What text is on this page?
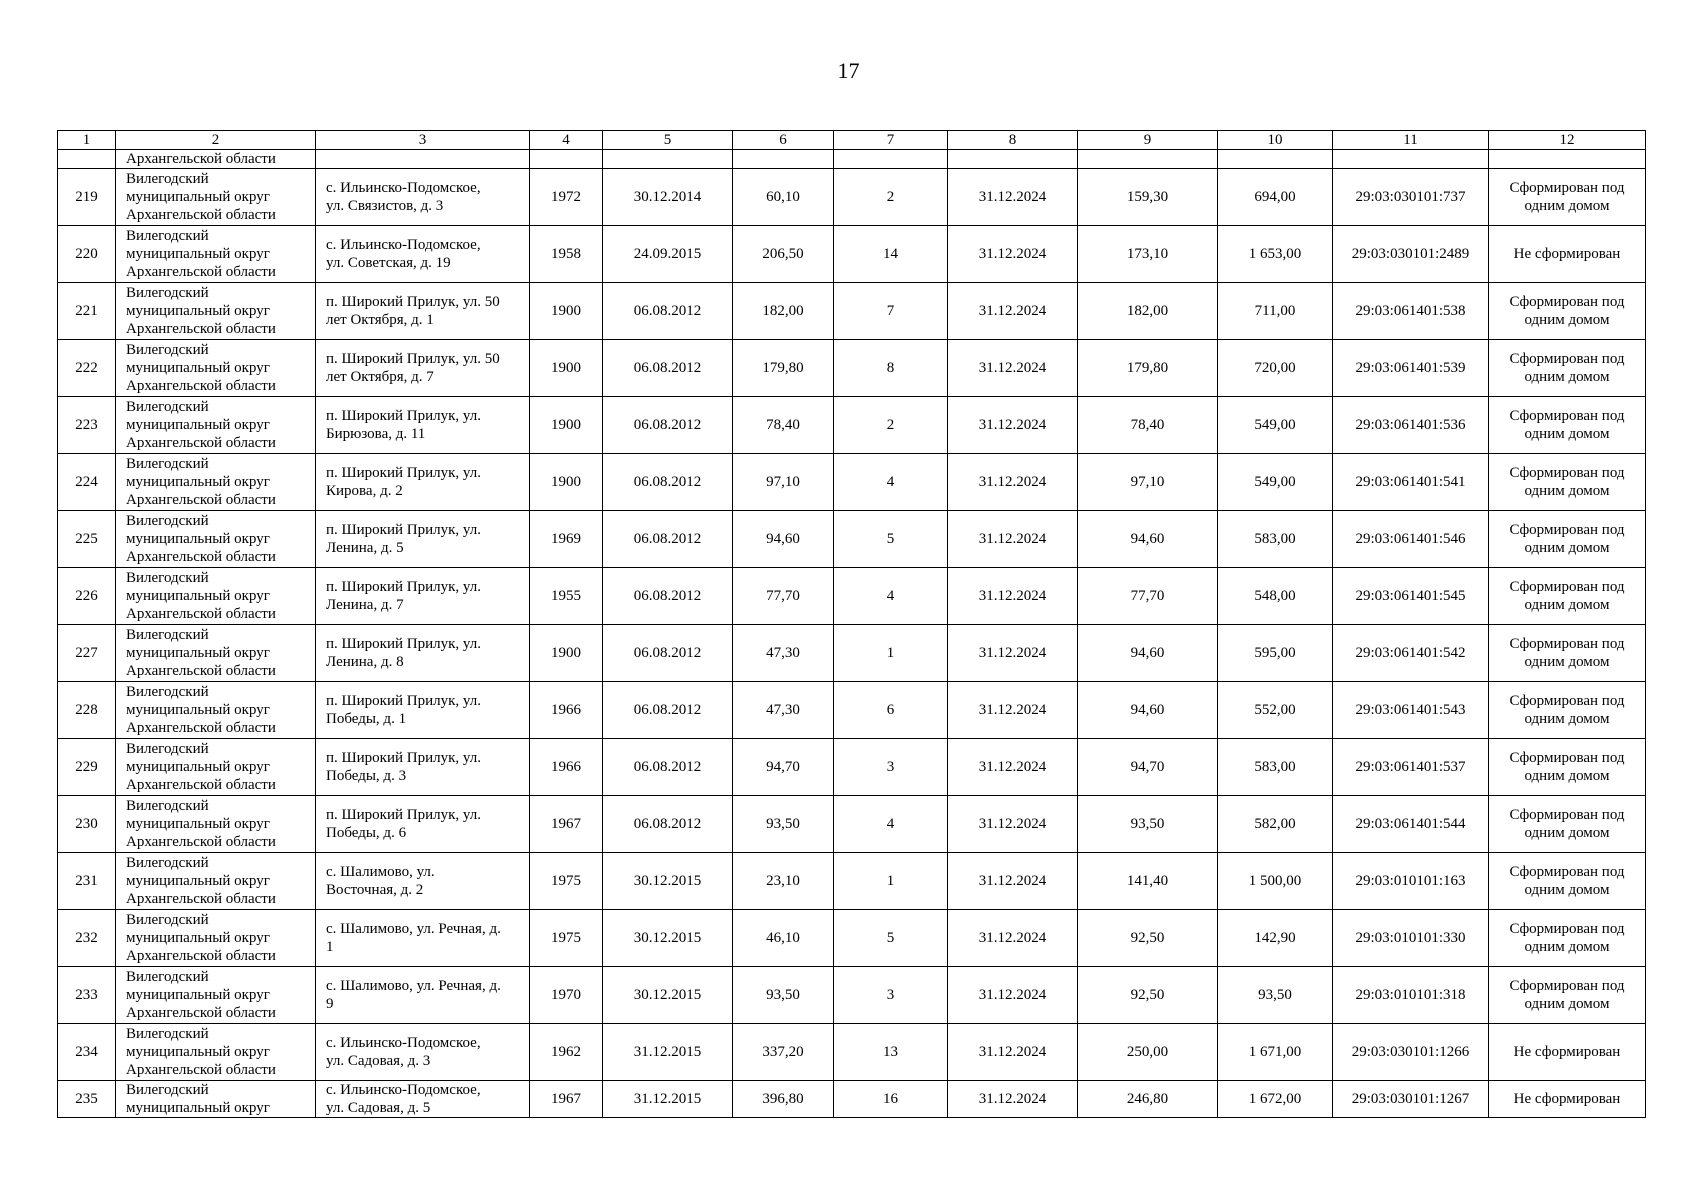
17
1	2	3	4	5	6	7	8	9	10	11	12
	Архангельской области										
219	Вилегодский
муниципальный округ
Архангельской области	с. Ильинско-Подомское,
ул. Связистов, д. 3	1972	30.12.2014	60,10	2	31.12.2024	159,30	694,00	29:03:030101:737	Сформирован под
одним домом

220	Вилегодский
муниципальный округ
Архангельской области	с. Ильинско-Подомское,
ул. Советская, д. 19	1958	24.09.2015	206,50	14	31.12.2024	173,10	1 653,00	29:03:030101:2489	Не сформирован

221	Вилегодский
муниципальный округ
Архангельской области	п. Широкий Прилук, ул. 50
лет Октября, д. 1	1900	06.08.2012	182,00	7	31.12.2024	182,00	711,00	29:03:061401:538	Сформирован под
одним домом

222	Вилегодский
муниципальный округ
Архангельской области	п. Широкий Прилук, ул. 50
лет Октября, д. 7	1900	06.08.2012	179,80	8	31.12.2024	179,80	720,00	29:03:061401:539	Сформирован под
одним домом

223	Вилегодский
муниципальный округ
Архангельской области	п. Широкий Прилук, ул.
Бирюзова, д. 11	1900	06.08.2012	78,40	2	31.12.2024	78,40	549,00	29:03:061401:536	Сформирован под
одним домом

224	Вилегодский
муниципальный округ
Архангельской области	п. Широкий Прилук, ул.
Кирова, д. 2	1900	06.08.2012	97,10	4	31.12.2024	97,10	549,00	29:03:061401:541	Сформирован под
одним домом

225	Вилегодский
муниципальный округ
Архангельской области	п. Широкий Прилук, ул.
Ленина, д. 5	1969	06.08.2012	94,60	5	31.12.2024	94,60	583,00	29:03:061401:546	Сформирован под
одним домом

226	Вилегодский
муниципальный округ
Архангельской области	п. Широкий Прилук, ул.
Ленина, д. 7	1955	06.08.2012	77,70	4	31.12.2024	77,70	548,00	29:03:061401:545	Сформирован под
одним домом

227	Вилегодский
муниципальный округ
Архангельской области	п. Широкий Прилук, ул.
Ленина, д. 8	1900	06.08.2012	47,30	1	31.12.2024	94,60	595,00	29:03:061401:542	Сформирован под
одним домом

228	Вилегодский
муниципальный округ
Архангельской области	п. Широкий Прилук, ул.
Победы, д. 1	1966	06.08.2012	47,30	6	31.12.2024	94,60	552,00	29:03:061401:543	Сформирован под
одним домом

229	Вилегодский
муниципальный округ
Архангельской области	п. Широкий Прилук, ул.
Победы, д. 3	1966	06.08.2012	94,70	3	31.12.2024	94,70	583,00	29:03:061401:537	Сформирован под
одним домом

230	Вилегодский
муниципальный округ
Архангельской области	п. Широкий Прилук, ул.
Победы, д. 6	1967	06.08.2012	93,50	4	31.12.2024	93,50	582,00	29:03:061401:544	Сформирован под
одним домом

231	Вилегодский
муниципальный округ
Архангельской области	с. Шалимово, ул.
Восточная, д. 2	1975	30.12.2015	23,10	1	31.12.2024	141,40	1 500,00	29:03:010101:163	Сформирован под
одним домом

232	Вилегодский
муниципальный округ
Архангельской области	с. Шалимово, ул. Речная, д.
1	1975	30.12.2015	46,10	5	31.12.2024	92,50	142,90	29:03:010101:330	Сформирован под
одним домом

233	Вилегодский
муниципальный округ
Архангельской области	с. Шалимово, ул. Речная, д.
9	1970	30.12.2015	93,50	3	31.12.2024	92,50	93,50	29:03:010101:318	Сформирован под
одним домом

234	Вилегодский
муниципальный округ
Архангельской области	с. Ильинско-Подомское,
ул. Садовая, д. 3	1962	31.12.2015	337,20	13	31.12.2024	250,00	1 671,00	29:03:030101:1266	Не сформирован

235	Вилегодский
муниципальный округ	с. Ильинско-Подомское,
ул. Садовая, д. 5	1967	31.12.2015	396,80	16	31.12.2024	246,80	1 672,00	29:03:030101:1267	Не сформирован
